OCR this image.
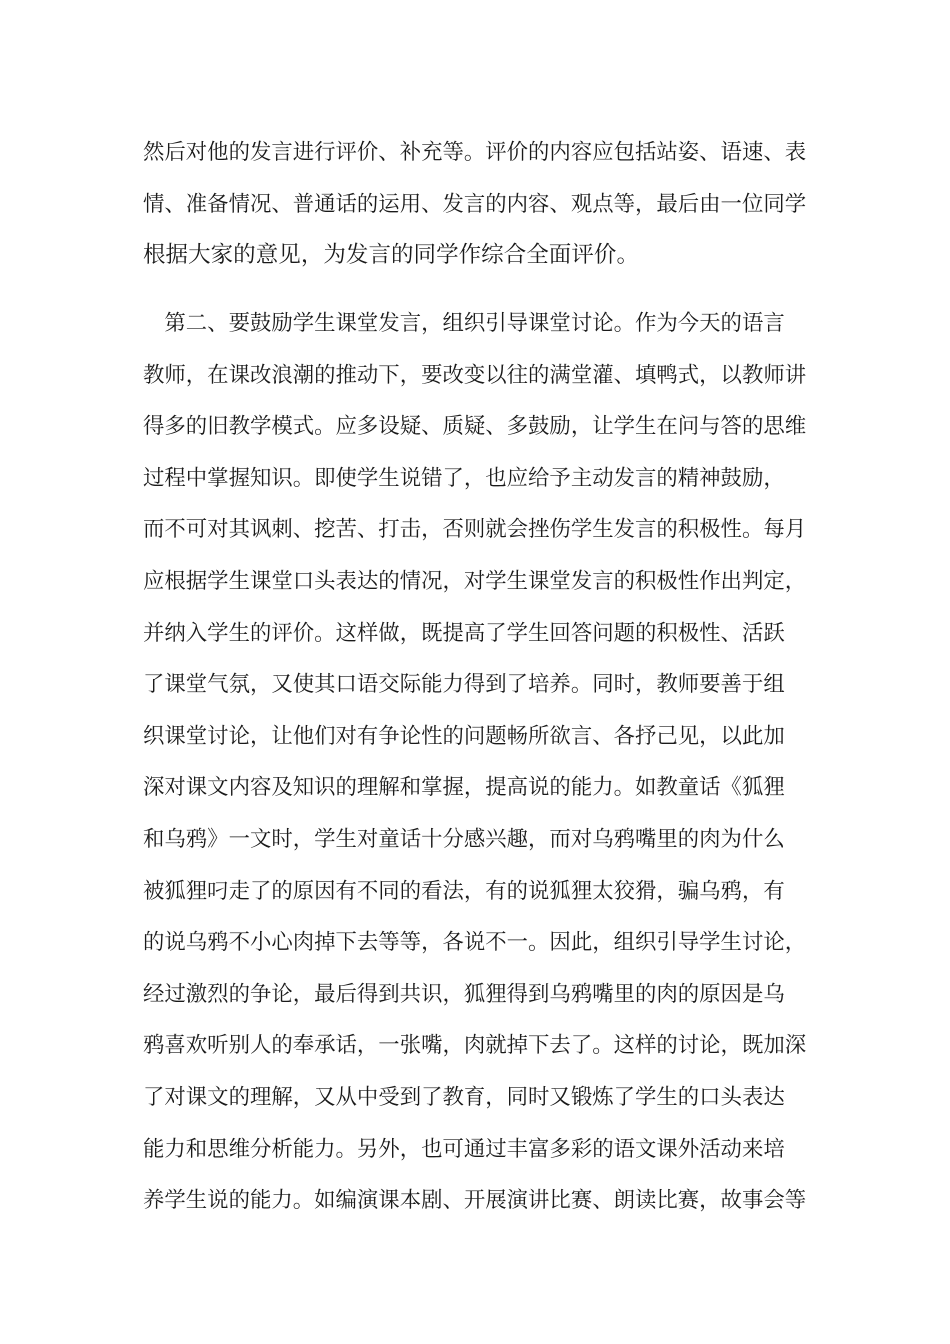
然后对他的发言进行评价、补充等。评价的内容应包括站姿、语速、表
情、准备情况、普通话的运用、发言的内容、观点等，最后由一位同学
根据大家的意见，为发言的同学作综合全面评价。
　第二、要鼓励学生课堂发言，组织引导课堂讨论。作为今天的语言
教师，在课改浪潮的推动下，要改变以往的满堂灌、填鸭式，以教师讲
得多的旧教学模式。应多设疑、质疑、多鼓励，让学生在问与答的思维
过程中掌握知识。即使学生说错了，也应给予主动发言的精神鼓励，
而不可对其讽刺、挖苦、打击，否则就会挫伤学生发言的积极性。每月
应根据学生课堂口头表达的情况，对学生课堂发言的积极性作出判定，
并纳入学生的评价。这样做，既提高了学生回答问题的积极性、活跃
了课堂气氛，又使其口语交际能力得到了培养。同时，教师要善于组
织课堂讨论，让他们对有争论性的问题畅所欲言、各抒己见，以此加
深对课文内容及知识的理解和掌握，提高说的能力。如教童话《狐狸
和乌鸦》一文时，学生对童话十分感兴趣，而对乌鸦嘴里的肉为什么
被狐狸叼走了的原因有不同的看法，有的说狐狸太狡猾，骗乌鸦，有
的说乌鸦不小心肉掉下去等等，各说不一。因此，组织引导学生讨论，
经过激烈的争论，最后得到共识，狐狸得到乌鸦嘴里的肉的原因是乌
鸦喜欢听别人的奉承话，一张嘴，肉就掉下去了。这样的讨论，既加深
了对课文的理解，又从中受到了教育，同时又锻炼了学生的口头表达
能力和思维分析能力。另外，也可通过丰富多彩的语文课外活动来培
养学生说的能力。如编演课本剧、开展演讲比赛、朗读比赛，故事会等
